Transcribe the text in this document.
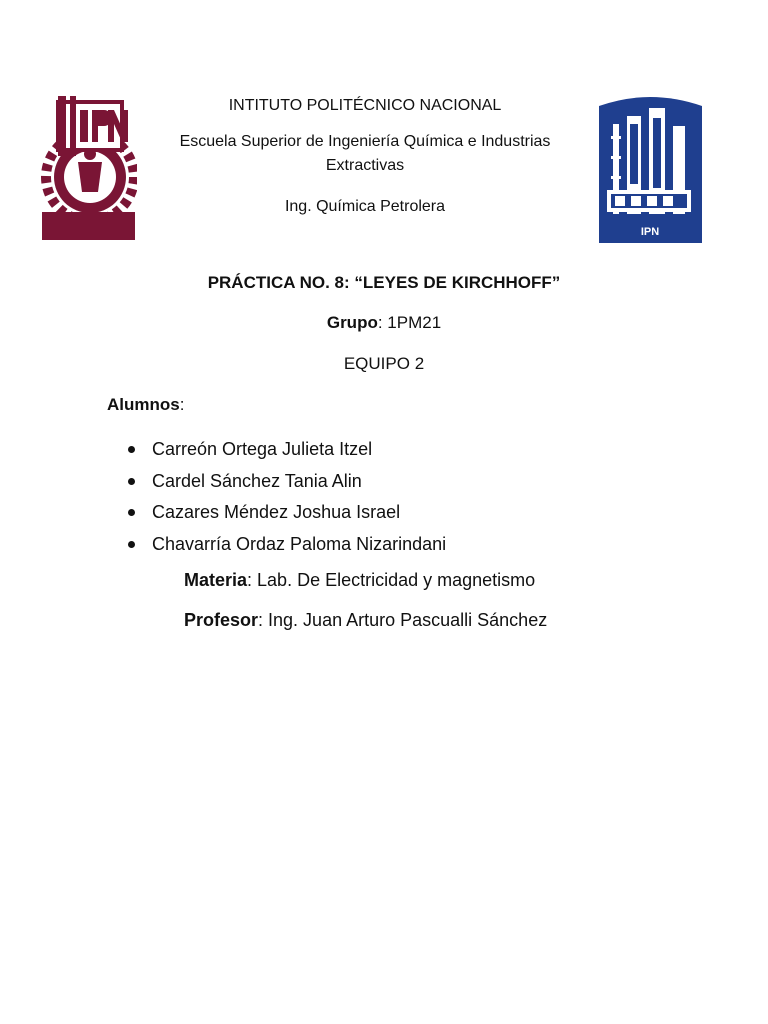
IPN
INTITUTO POLITÉCNICO NACIONAL
Escuela Superior de Ingeniería Química e Industrias
Extractivas
Ing. Química Petrolera
PRÁCTICA NO. 8: “LEYES DE KIRCHHOFF”
Grupo: 1PM21
EQUIPO 2
Alumnos:
Carreón Ortega Julieta Itzel
Cardel Sánchez Tania Alin
Cazares Méndez Joshua Israel
Chavarría Ordaz Paloma Nizarindani
Materia: Lab. De Electricidad y magnetismo
Profesor: Ing. Juan Arturo Pascualli Sánchez
